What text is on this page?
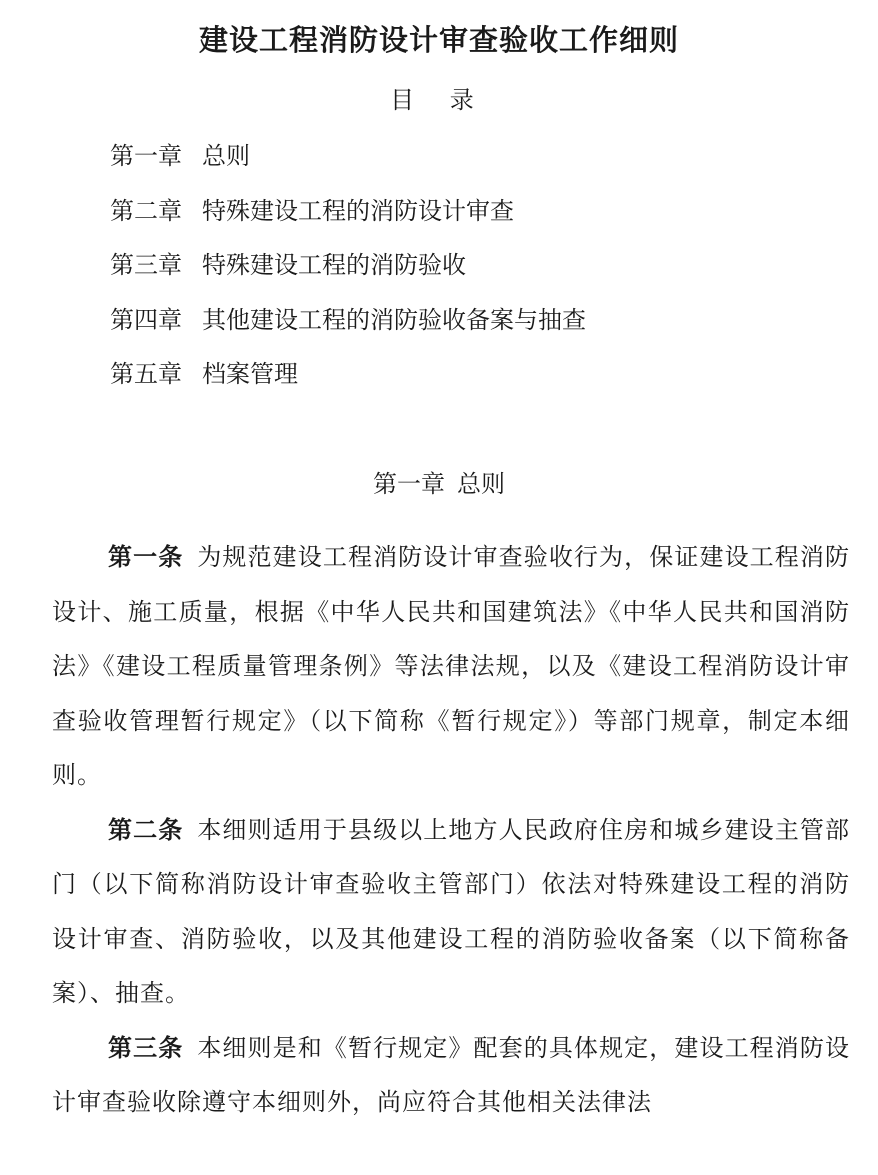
建设工程消防设计审查验收工作细则
目 录
第一章 总则
第二章 特殊建设工程的消防设计审查
第三章 特殊建设工程的消防验收
第四章 其他建设工程的消防验收备案与抽查
第五章 档案管理
第一章 总则

第一条 为规范建设工程消防设计审查验收行为，保证建设工程消防设计、施工质量，根据《中华人民共和国建筑法》《中华人民共和国消防法》《建设工程质量管理条例》等法律法规，以及《建设工程消防设计审查验收管理暂行规定》（以下简称《暂行规定》）等部门规章，制定本细则。

第二条 本细则适用于县级以上地方人民政府住房和城乡建设主管部门（以下简称消防设计审查验收主管部门）依法对特殊建设工程的消防设计审查、消防验收，以及其他建设工程的消防验收备案（以下简称备案）、抽查。

第三条 本细则是和《暂行规定》配套的具体规定，建设工程消防设计审查验收除遵守本细则外，尚应符合其他相关法律法
